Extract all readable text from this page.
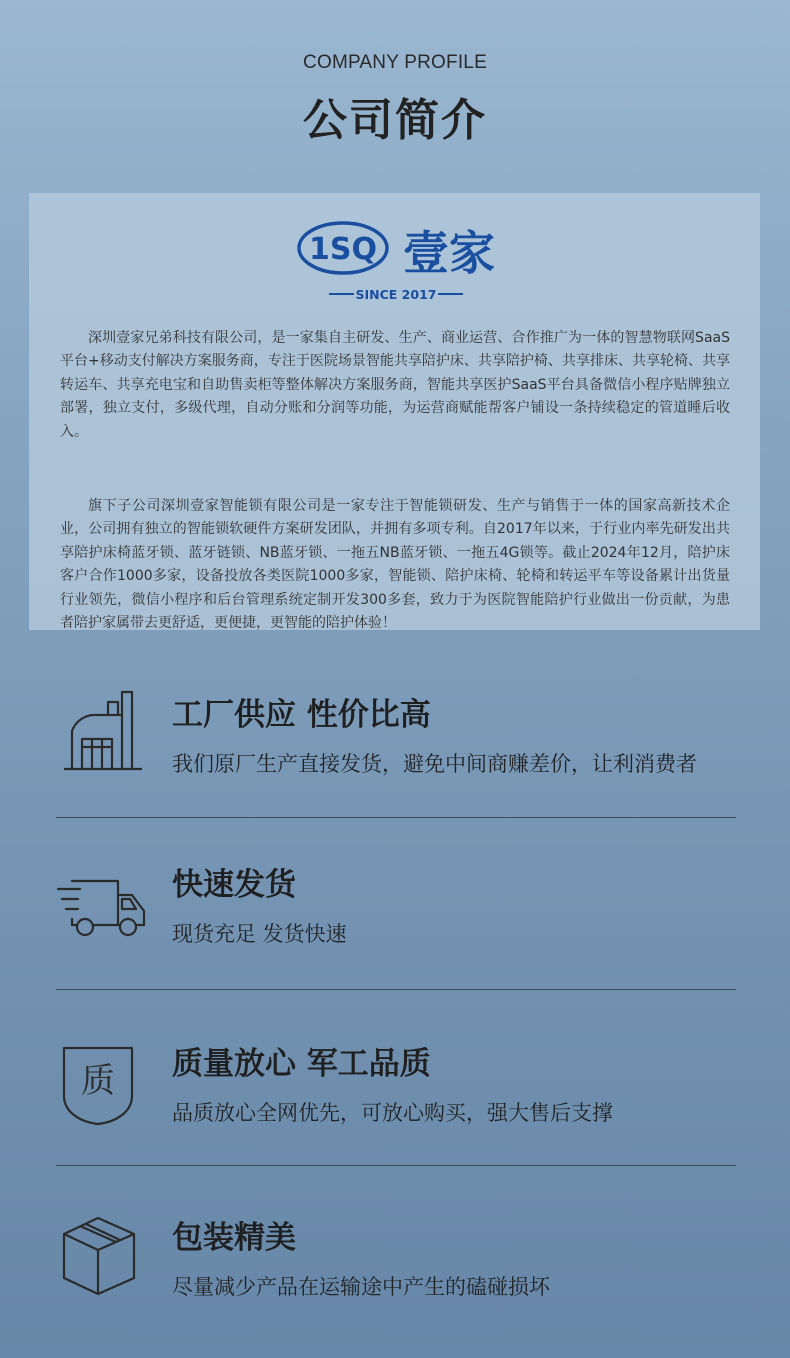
COMPANY PROFILE
公司简介
1SQ 壹家
SINCE 2017
深圳壹家兄弟科技有限公司，是一家集自主研发、生产、商业运营、合作推广为一体的智慧物联网SaaS平台+移动支付解决方案服务商，专注于医院场景智能共享陪护床、共享陪护椅、共享排床、共享轮椅、共享转运车、共享充电宝和自助售卖柜等整体解决方案服务商，智能共享医护SaaS平台具备微信小程序贴牌独立部署，独立支付，多级代理，自动分账和分润等功能，为运营商赋能帮客户铺设一条持续稳定的管道睡后收入。
旗下子公司深圳壹家智能锁有限公司是一家专注于智能锁研发、生产与销售于一体的国家高新技术企业，公司拥有独立的智能锁软硬件方案研发团队，并拥有多项专利。自2017年以来，于行业内率先研发出共享陪护床椅蓝牙锁、蓝牙链锁、NB蓝牙锁、一拖五NB蓝牙锁、一拖五4G锁等。截止2024年12月，陪护床客户合作1000多家，设备投放各类医院1000多家，智能锁、陪护床椅、轮椅和转运平车等设备累计出货量行业领先，微信小程序和后台管理系统定制开发300多套，致力于为医院智能陪护行业做出一份贡献，为患者陪护家属带去更舒适，更便捷，更智能的陪护体验！
工厂供应 性价比高
我们原厂生产直接发货，避免中间商赚差价，让利消费者
快速发货
现货充足 发货快速
质 质量放心 军工品质
品质放心全网优先，可放心购买，强大售后支撑
包装精美
尽量减少产品在运输途中产生的磕碰损坏
